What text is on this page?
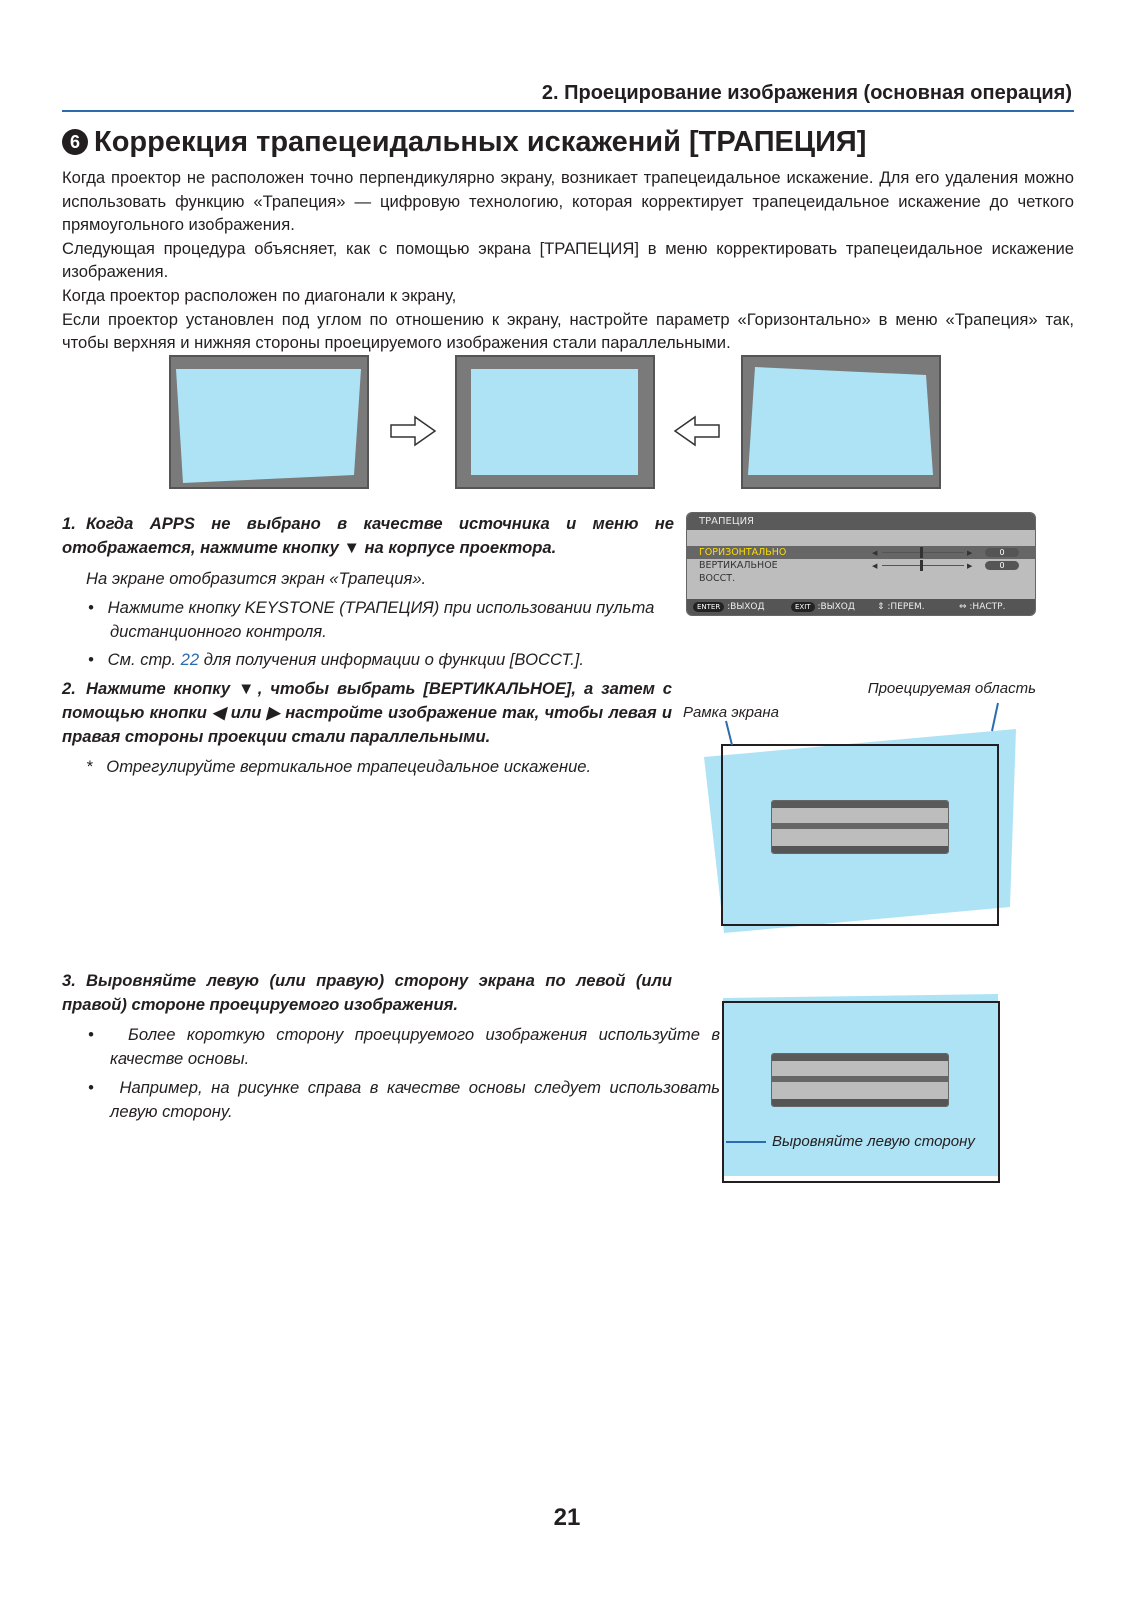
2. Проецирование изображения (основная операция)
6 Коррекция трапецеидальных искажений [ТРАПЕЦИЯ]

Когда проектор не расположен точно перпендикулярно экрану, возникает трапецеидальное искажение. Для его удаления можно использовать функцию «Трапеция» — цифровую технологию, которая корректирует трапецеидальное искажение до четкого прямоугольного изображения.

Следующая процедура объясняет, как с помощью экрана [ТРАПЕЦИЯ] в меню корректировать трапецеидальное искажение изображения.

Когда проектор расположен по диагонали к экрану,

Если проектор установлен под углом по отношению к экрану, настройте параметр «Горизонтально» в меню «Трапеция» так, чтобы верхняя и нижняя стороны проецируемого изображения стали параллельными.

1. Когда APPS не выбрано в качестве источника и меню не отображается, нажмите кнопку ▼ на корпусе проектора.
На экране отобразится экран «Трапеция».
•   Нажмите кнопку KEYSTONE (ТРАПЕЦИЯ) при использовании пульта дистанционного контроля.
•   См. стр. 22 для получения информации о функции [ВОССТ.].
ТРАПЕЦИЯ
ГОРИЗОНТАЛЬНО	◀	▶	0
ВЕРТИКАЛЬНОЕ	◀	▶	0
ВОССТ.
ENTER :ВЫХОД	EXIT :ВЫХОД ⇕ :ПЕРЕМ.	⇔ :НАСТР.
2. Нажмите кнопку ▼, чтобы выбрать [ВЕРТИКАЛЬНОЕ], а затем с помощью кнопки ◀ или ▶ настройте изображение так, чтобы левая и правая стороны проекции стали параллельными.
*   Отрегулируйте вертикальное трапецеидальное искажение.
Проецируемая область
Рамка экрана
3. Выровняйте левую (или правую) сторону экрана по левой (или правой) стороне проецируемого изображения.
•   Более короткую сторону проецируемого изображения используйте в качестве основы.
•   Например, на рисунке справа в качестве основы следует использовать левую сторону.
Выровняйте левую сторону
21
